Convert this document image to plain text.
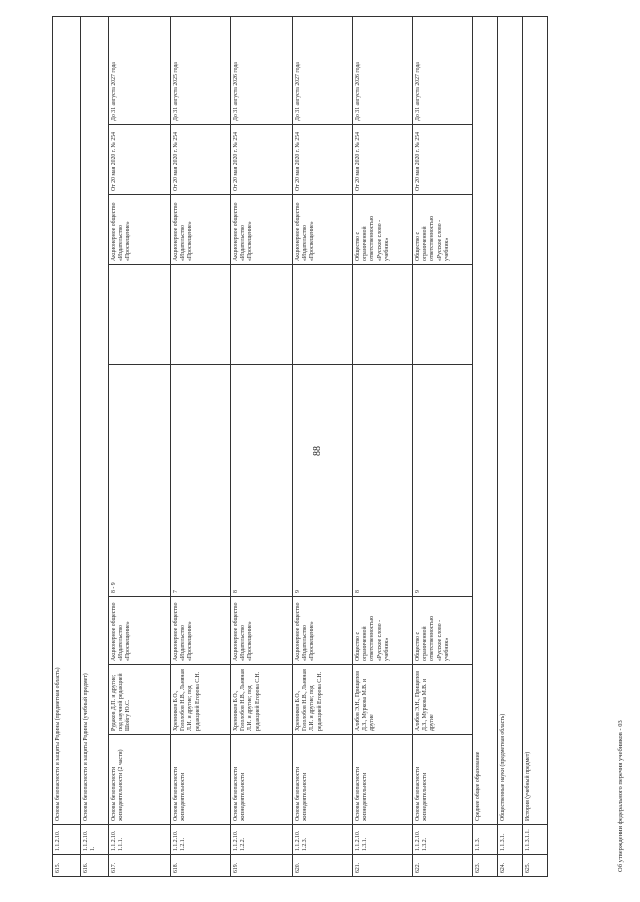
88
615.	1.1.2.10.	Основы безопасности и защиты Родины (предметная область)							
616.	1.1.2.10.1.	Основы безопасности и защиты Родины (учебный предмет)							
617.	1.1.2.10.1.1.1.	Основы безопасности жизнедеятельности (2 части)	Рудаков Д.П. и другие; под научной редакцией Шойгу Ю.С.	Акционерное общество «Издательство «Просвещение»	8 - 9		Акционерное общество «Издательство «Просвещение»	От 20 мая 2020 г. № 254	До 31 августа 2027 года
618.	1.1.2.10.1.2.1.	Основы безопасности жизнедеятельности	Хренников Б.О., Гололобов Н.В., Льняная Л.И. и другие; под редакцией Егорова С.Н.	Акционерное общество «Издательство «Просвещение»	7		Акционерное общество «Издательство «Просвещение»	От 20 мая 2020 г. № 254	До 31 августа 2025 года
619.	1.1.2.10.1.2.2.	Основы безопасности жизнедеятельности	Хренников Б.О., Гололобов Н.В., Льняная Л.И. и другие; под редакцией Егорова С.Н.	Акционерное общество «Издательство «Просвещение»	8		Акционерное общество «Издательство «Просвещение»	От 20 мая 2020 г. № 254	До 31 августа 2026 года
620.	1.1.2.10.1.2.3.	Основы безопасности жизнедеятельности	Хренников Б.О., Гололобов Н.В., Льняная Л.И. и другие; под редакцией Егорова С.Н.	Акционерное общество «Издательство «Просвещение»	9		Акционерное общество «Издательство «Просвещение»	От 20 мая 2020 г. № 254	До 31 августа 2027 года
621.	1.1.2.10.1.3.1.	Основы безопасности жизнедеятельности	Алибов Э.Н., Прищепов Д.З., Муркова М.В. и другие	Общество с ограниченной ответственностью «Русское слово - учебник»	8		Общество с ограниченной ответственностью «Русское слово - учебник»	От 20 мая 2020 г. № 254	До 31 августа 2026 года
622.	1.1.2.10.1.3.2.	Основы безопасности жизнедеятельности	Алибов Э.Н., Прищепов Д.З., Муркова М.В. и другие	Общество с ограниченной ответственностью «Русское слово - учебник»	9		Общество с ограниченной ответственностью «Русское слово - учебник»	От 20 мая 2020 г. № 254	До 31 августа 2027 года
623.	1.1.3.	Среднее общее образование							
624.	1.1.3.1.	Общественные науки (предметная область)							
625.	1.1.3.1.1.	История (учебный предмет)								Об утверждении федерального перечня учебников - 03
